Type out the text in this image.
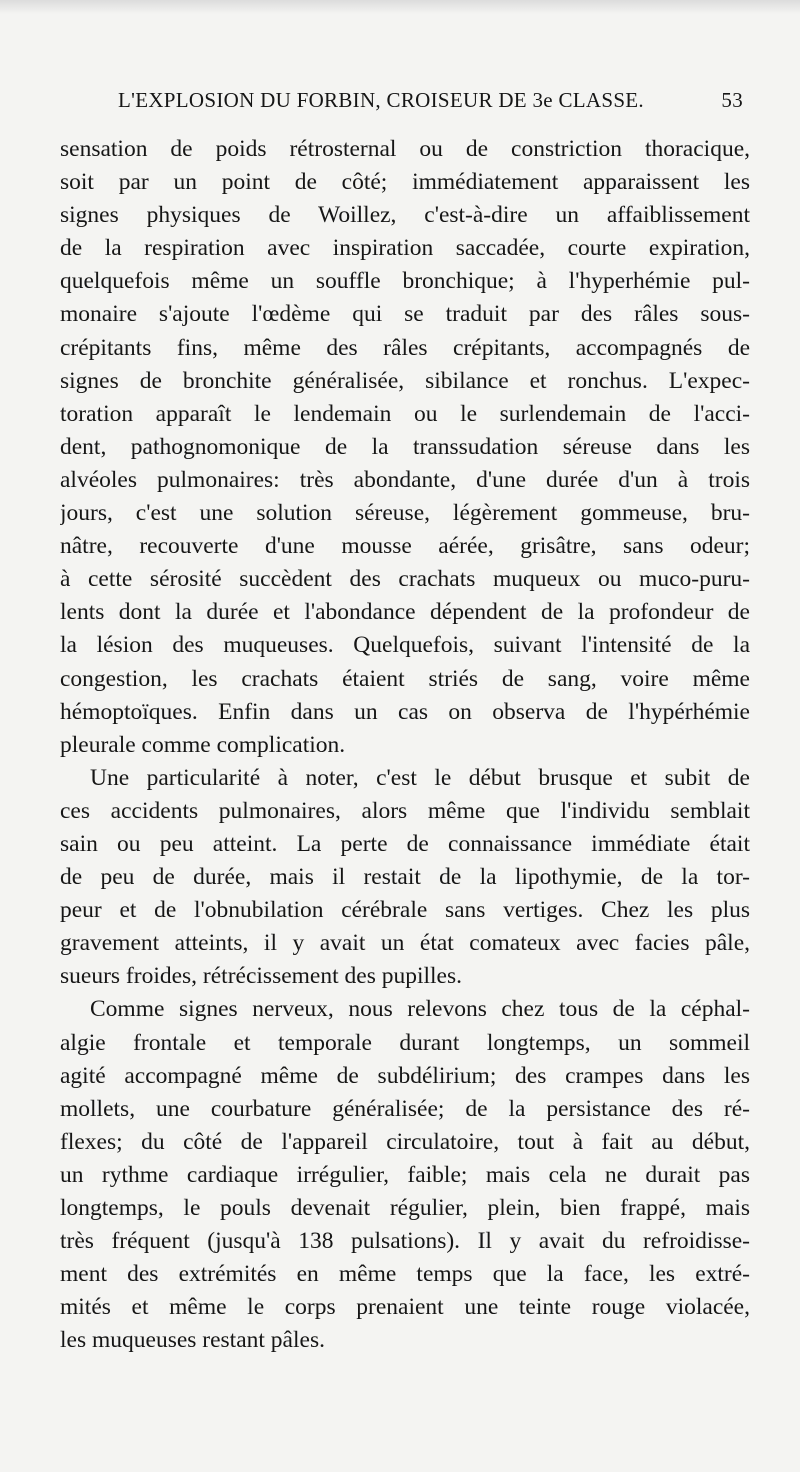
L'EXPLOSION DU FORBIN, CROISEUR DE 3e CLASSE.	53
sensation de poids rétrosternal ou de constriction thoracique,
soit par un point de côté; immédiatement apparaissent les
signes physiques de Woillez, c'est-à-dire un affaiblissement
de la respiration avec inspiration saccadée, courte expiration,
quelquefois même un souffle bronchique; à l'hyperhémie pul-
monaire s'ajoute l'œdème qui se traduit par des râles sous-
crépitants fins, même des râles crépitants, accompagnés de
signes de bronchite généralisée, sibilance et ronchus. L'expec-
toration apparaît le lendemain ou le surlendemain de l'acci-
dent, pathognomonique de la transsudation séreuse dans les
alvéoles pulmonaires: très abondante, d'une durée d'un à trois
jours, c'est une solution séreuse, légèrement gommeuse, bru-
nâtre, recouverte d'une mousse aérée, grisâtre, sans odeur;
à cette sérosité succèdent des crachats muqueux ou muco-puru-
lents dont la durée et l'abondance dépendent de la profondeur de
la lésion des muqueuses. Quelquefois, suivant l'intensité de la
congestion, les crachats étaient striés de sang, voire même
hémoptoïques. Enfin dans un cas on observa de l'hypérhémie
pleurale comme complication.
Une particularité à noter, c'est le début brusque et subit de
ces accidents pulmonaires, alors même que l'individu semblait
sain ou peu atteint. La perte de connaissance immédiate était
de peu de durée, mais il restait de la lipothymie, de la tor-
peur et de l'obnubilation cérébrale sans vertiges. Chez les plus
gravement atteints, il y avait un état comateux avec facies pâle,
sueurs froides, rétrécissement des pupilles.
Comme signes nerveux, nous relevons chez tous de la céphal-
algie frontale et temporale durant longtemps, un sommeil
agité accompagné même de subdélirium; des crampes dans les
mollets, une courbature généralisée; de la persistance des ré-
flexes; du côté de l'appareil circulatoire, tout à fait au début,
un rythme cardiaque irrégulier, faible; mais cela ne durait pas
longtemps, le pouls devenait régulier, plein, bien frappé, mais
très fréquent (jusqu'à 138 pulsations). Il y avait du refroidisse-
ment des extrémités en même temps que la face, les extré-
mités et même le corps prenaient une teinte rouge violacée,
les muqueuses restant pâles.
